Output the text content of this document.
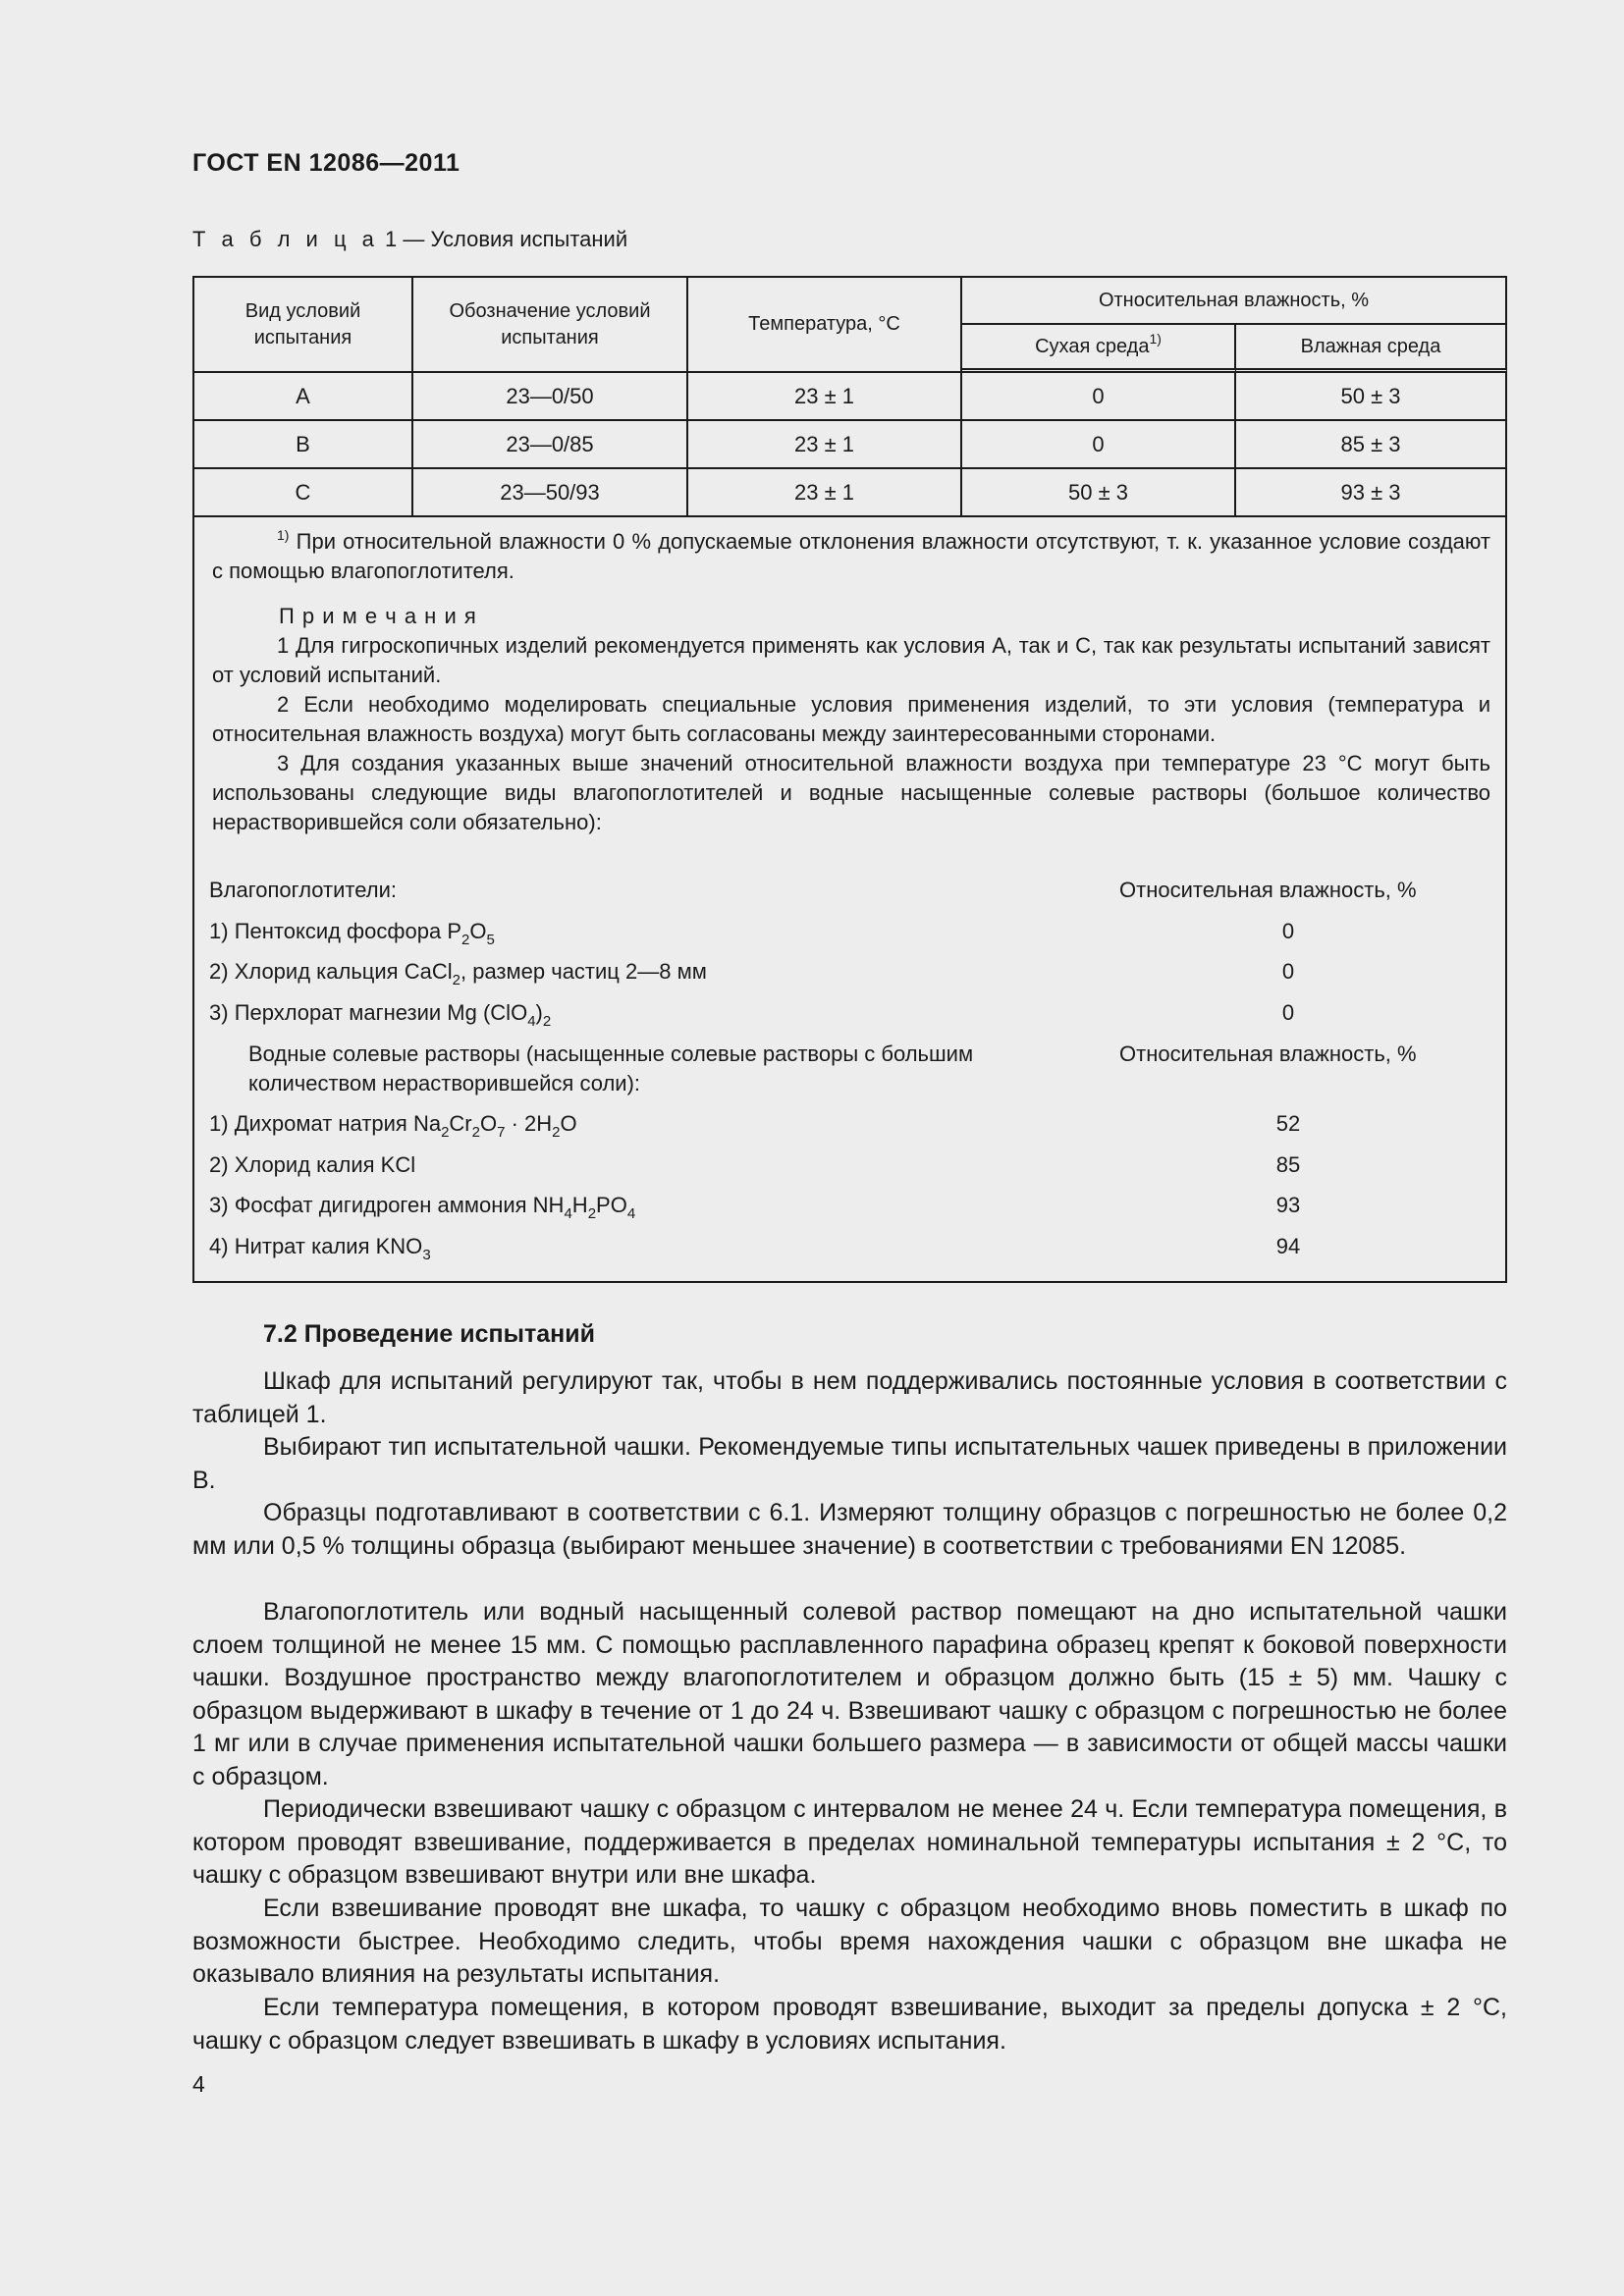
ГОСТ EN 12086—2011
Т а б л и ц а 1 — Условия испытаний
Вид условий испытания	Обозначение условий испытания	Температура, °С	Относительная влажность, %	
			Сухая среда$^{1)}$	Влажная среда
A	23—0/50	23 ± 1	0	50 ± 3
B	23—0/85	23 ± 1	0	85 ± 3
C	23—50/93	23 ± 1	50 ± 3	93 ± 3
$^{1)}$ При относительной влажности 0 % допускаемые отклонения влажности отсутствуют, т. к. указанное условие создают с помощью влагопоглотителя.
П р и м е ч а н и я
1 Для гигроскопичных изделий рекомендуется применять как условия А, так и С, так как результаты испытаний зависят от условий испытаний.
2 Если необходимо моделировать специальные условия применения изделий, то эти условия (температура и относительная влажность воздуха) могут быть согласованы между заинтересованными сторонами.
3 Для создания указанных выше значений относительной влажности воздуха при температуре 23 °С могут быть использованы следующие виды влагопоглотителей и водные насыщенные солевые растворы (большое количество нерастворившейся соли обязательно):
Влагопоглотители:	Относительная влажность, %
1) Пентоксид фосфора $P_2O_5$	0
2) Хлорид кальция CaCl$_2$, размер частиц 2—8 мм	0
3) Перхлорат магнезии Mg $(ClO_4)_2$	0
Водные солевые растворы (насыщенные солевые растворы с большим количеством нерастворившейся соли):
Относительная влажность, %
1) Дихромат натрия $Na_2Cr_2O_7 \cdot 2H_2O$	52
2) Хлорид калия KCl	85
3) Фосфат дигидроген аммония $NH_4H_2PO_4$	93
4) Нитрат калия $KNO_3$	94
7.2 Проведение испытаний
Шкаф для испытаний регулируют так, чтобы в нем поддерживались постоянные условия в соответствии с таблицей 1.
Выбирают тип испытательной чашки. Рекомендуемые типы испытательных чашек приведены в приложении В.
Образцы подготавливают в соответствии с 6.1. Измеряют толщину образцов с погрешностью не более 0,2 мм или 0,5 % толщины образца (выбирают меньшее значение) в соответствии с требованиями EN 12085.
Влагопоглотитель или водный насыщенный солевой раствор помещают на дно испытательной чашки слоем толщиной не менее 15 мм. С помощью расплавленного парафина образец крепят к боковой поверхности чашки. Воздушное пространство между влагопоглотителем и образцом должно быть (15 ± 5) мм. Чашку с образцом выдерживают в шкафу в течение от 1 до 24 ч. Взвешивают чашку с образцом с погрешностью не более 1 мг или в случае применения испытательной чашки большего размера — в зависимости от общей массы чашки с образцом.
Периодически взвешивают чашку с образцом с интервалом не менее 24 ч. Если температура помещения, в котором проводят взвешивание, поддерживается в пределах номинальной температуры испытания ± 2 °С, то чашку с образцом взвешивают внутри или вне шкафа.
Если взвешивание проводят вне шкафа, то чашку с образцом необходимо вновь поместить в шкаф по возможности быстрее. Необходимо следить, чтобы время нахождения чашки с образцом вне шкафа не оказывало влияния на результаты испытания.
Если температура помещения, в котором проводят взвешивание, выходит за пределы допуска ± 2 °С, чашку с образцом следует взвешивать в шкафу в условиях испытания.
4
